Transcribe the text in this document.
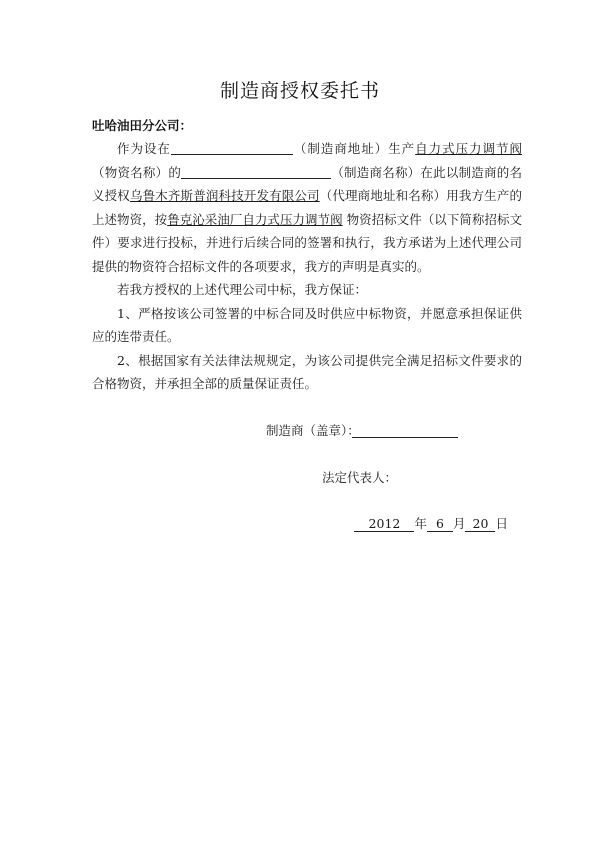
制造商授权委托书
吐哈油田分公司：

作为设在	（制造商地址）生产自力式压力调节阀（物资名称）的	（制造商名称）在此以制造商的名义授权乌鲁木齐斯普润科技开发有限公司（代理商地址和名称）用我方生产的上述物资，按鲁克沁采油厂自力式压力调节阀 物资招标文件（以下简称招标文件）要求进行投标，并进行后续合同的签署和执行，我方承诺为上述代理公司提供的物资符合招标文件的各项要求，我方的声明是真实的。

若我方授权的上述代理公司中标，我方保证：

1、严格按该公司签署的中标合同及时供应中标物资，并愿意承担保证供应的连带责任。

2、根据国家有关法律法规规定，为该公司提供完全满足招标文件要求的合格物资，并承担全部的质量保证责任。

制造商（盖章）：
法定代表人：
2012 年 6 月 20 日
